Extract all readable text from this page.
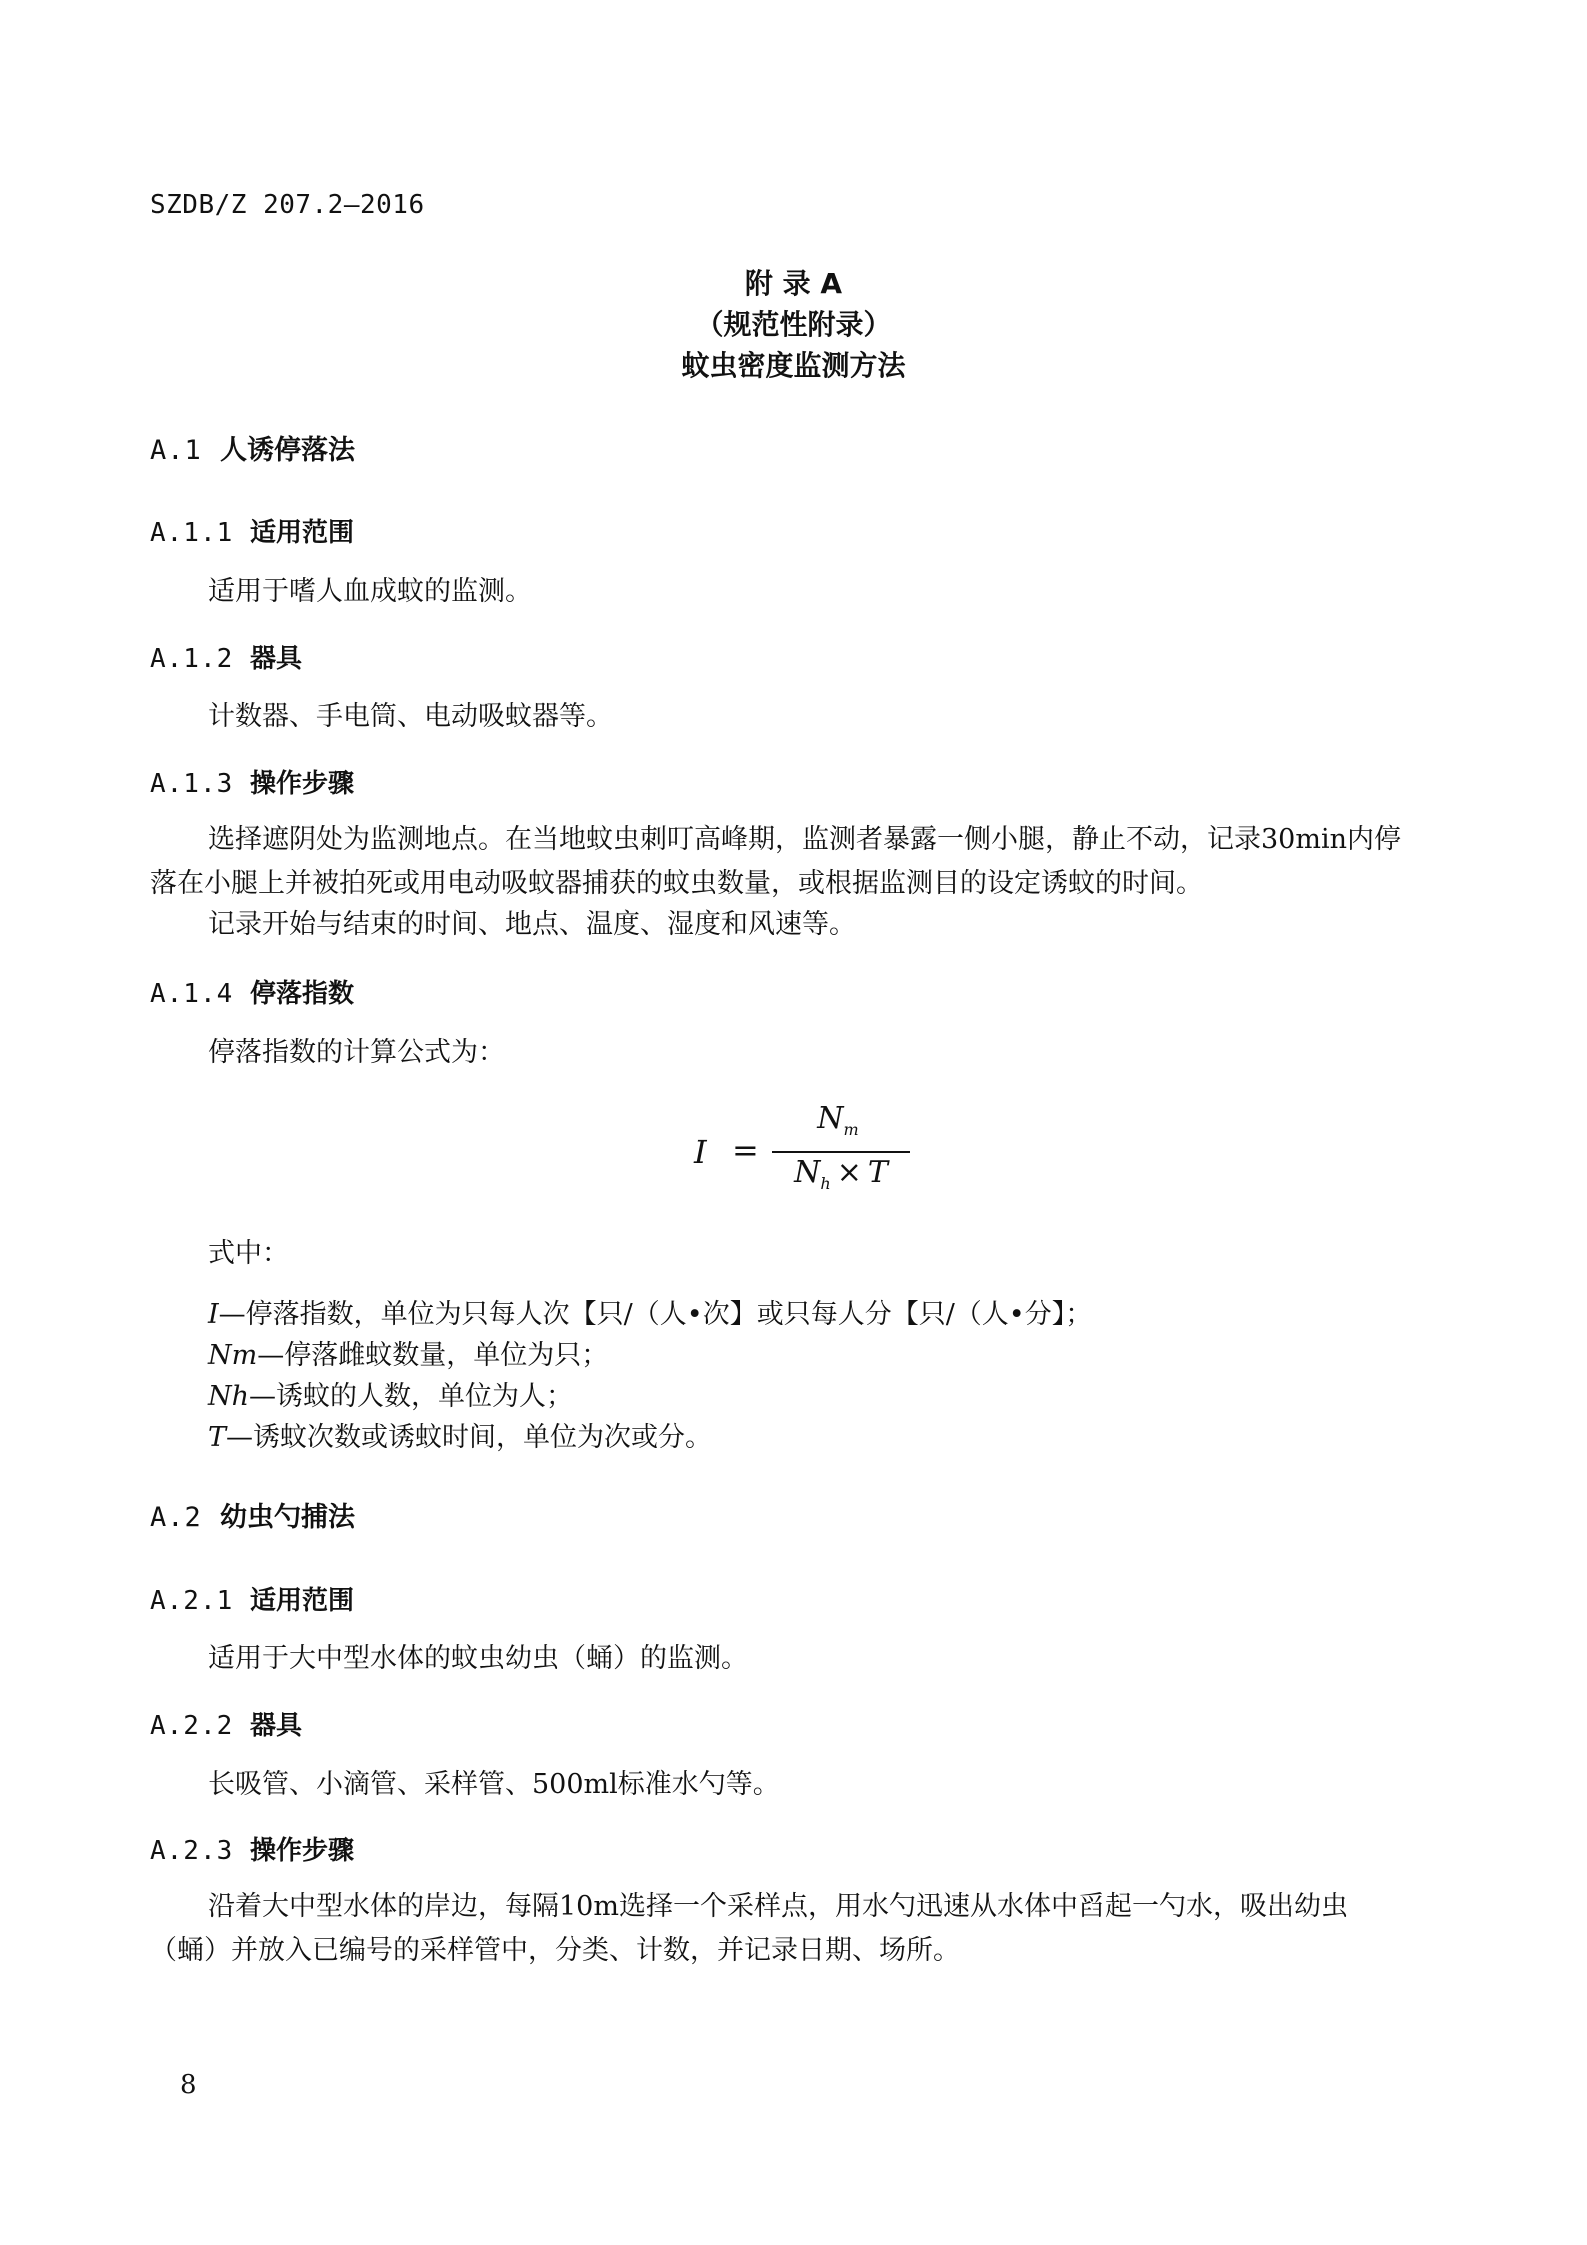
SZDB/Z 207.2—2016
附 录 A
（规范性附录）
蚊虫密度监测方法
A.1 人诱停落法
A.1.1 适用范围
适用于嗜人血成蚊的监测。
A.1.2 器具
计数器、手电筒、电动吸蚊器等。
A.1.3 操作步骤
选择遮阴处为监测地点。在当地蚊虫刺叮高峰期，监测者暴露一侧小腿，静止不动，记录30min内停落在小腿上并被拍死或用电动吸蚊器捕获的蚊虫数量，或根据监测目的设定诱蚊的时间。
记录开始与结束的时间、地点、温度、湿度和风速等。
A.1.4 停落指数
停落指数的计算公式为：
I =
$N_m$
$N_h \times T$
式中：
I—停落指数，单位为只每人次【只/（人•次】或只每人分【只/（人•分】；
Nm—停落雌蚊数量，单位为只；
Nh—诱蚊的人数，单位为人；
T—诱蚊次数或诱蚊时间，单位为次或分。
A.2 幼虫勺捕法
A.2.1 适用范围
适用于大中型水体的蚊虫幼虫（蛹）的监测。
A.2.2 器具
长吸管、小滴管、采样管、500ml标准水勺等。
A.2.3 操作步骤
沿着大中型水体的岸边，每隔10m选择一个采样点，用水勺迅速从水体中舀起一勺水，吸出幼虫（蛹）并放入已编号的采样管中，分类、计数，并记录日期、场所。
8
